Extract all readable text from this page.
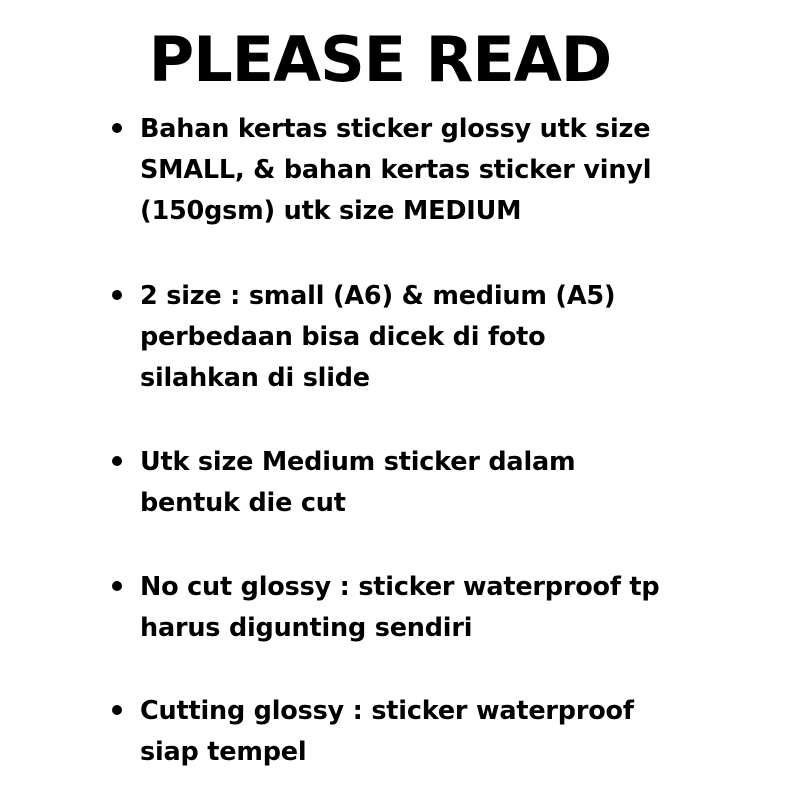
PLEASE READ
Bahan kertas sticker glossy utk size
SMALL, & bahan kertas sticker vinyl
(150gsm) utk size MEDIUM
2 size : small (A6) & medium (A5)
perbedaan bisa dicek di foto
silahkan di slide
Utk size Medium sticker dalam
bentuk die cut
No cut glossy : sticker waterproof tp
harus digunting sendiri
Cutting glossy : sticker waterproof
siap tempel
